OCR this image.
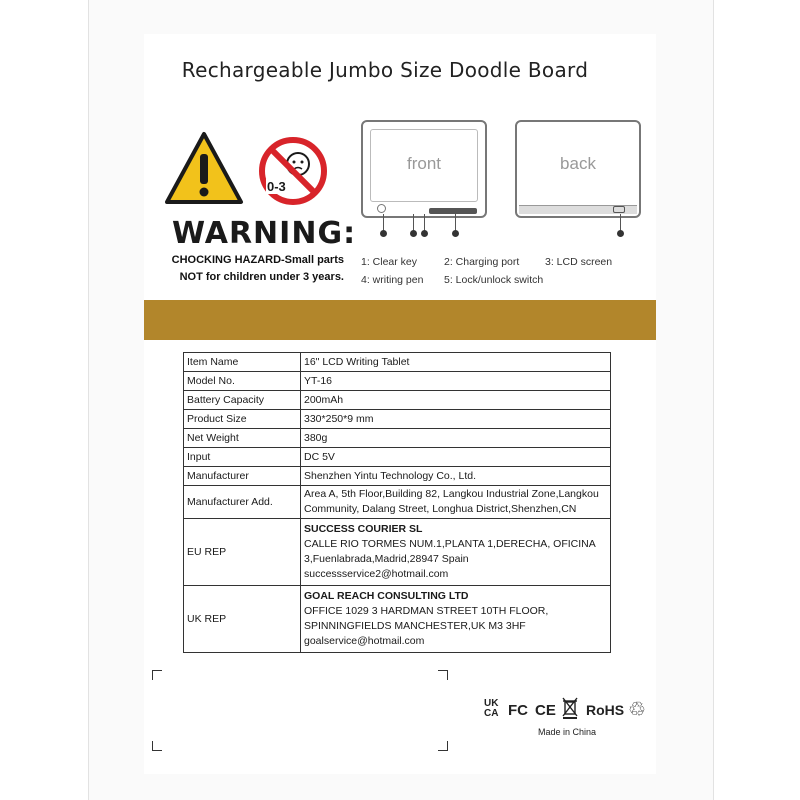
Rechargeable Jumbo Size Doodle Board
0-3
WARNING:
CHOCKING HAZARD-Small parts
NOT for children under 3 years.
front	back
1: Clear key	2: Charging port 3: LCD screen
4: writing pen 5: Lock/unlock switch
Item Name	16" LCD Writing Tablet
Model No.	YT-16
Battery Capacity	200mAh
Product Size	330*250*9 mm
Net Weight	380g
Input	DC 5V
Manufacturer	Shenzhen Yintu Technology Co., Ltd.
Manufacturer Add.	Area A, 5th Floor,Building 82, Langkou Industrial Zone,Langkou
Community, Dalang Street, Longhua District,Shenzhen,CN

EU REP	SUCCESS COURIER SL
CALLE RIO TORMES NUM.1,PLANTA 1,DERECHA, OFICINA
3,Fuenlabrada,Madrid,28947 Spain
successservice2@hotmail.com

UK REP	GOAL REACH CONSULTING LTD
OFFICE 1029 3 HARDMAN STREET 10TH FLOOR,
SPINNINGFIELDS MANCHESTER,UK M3 3HF
goalservice@hotmail.com
UK
CA FC CE RoHS ♲
Made in China
